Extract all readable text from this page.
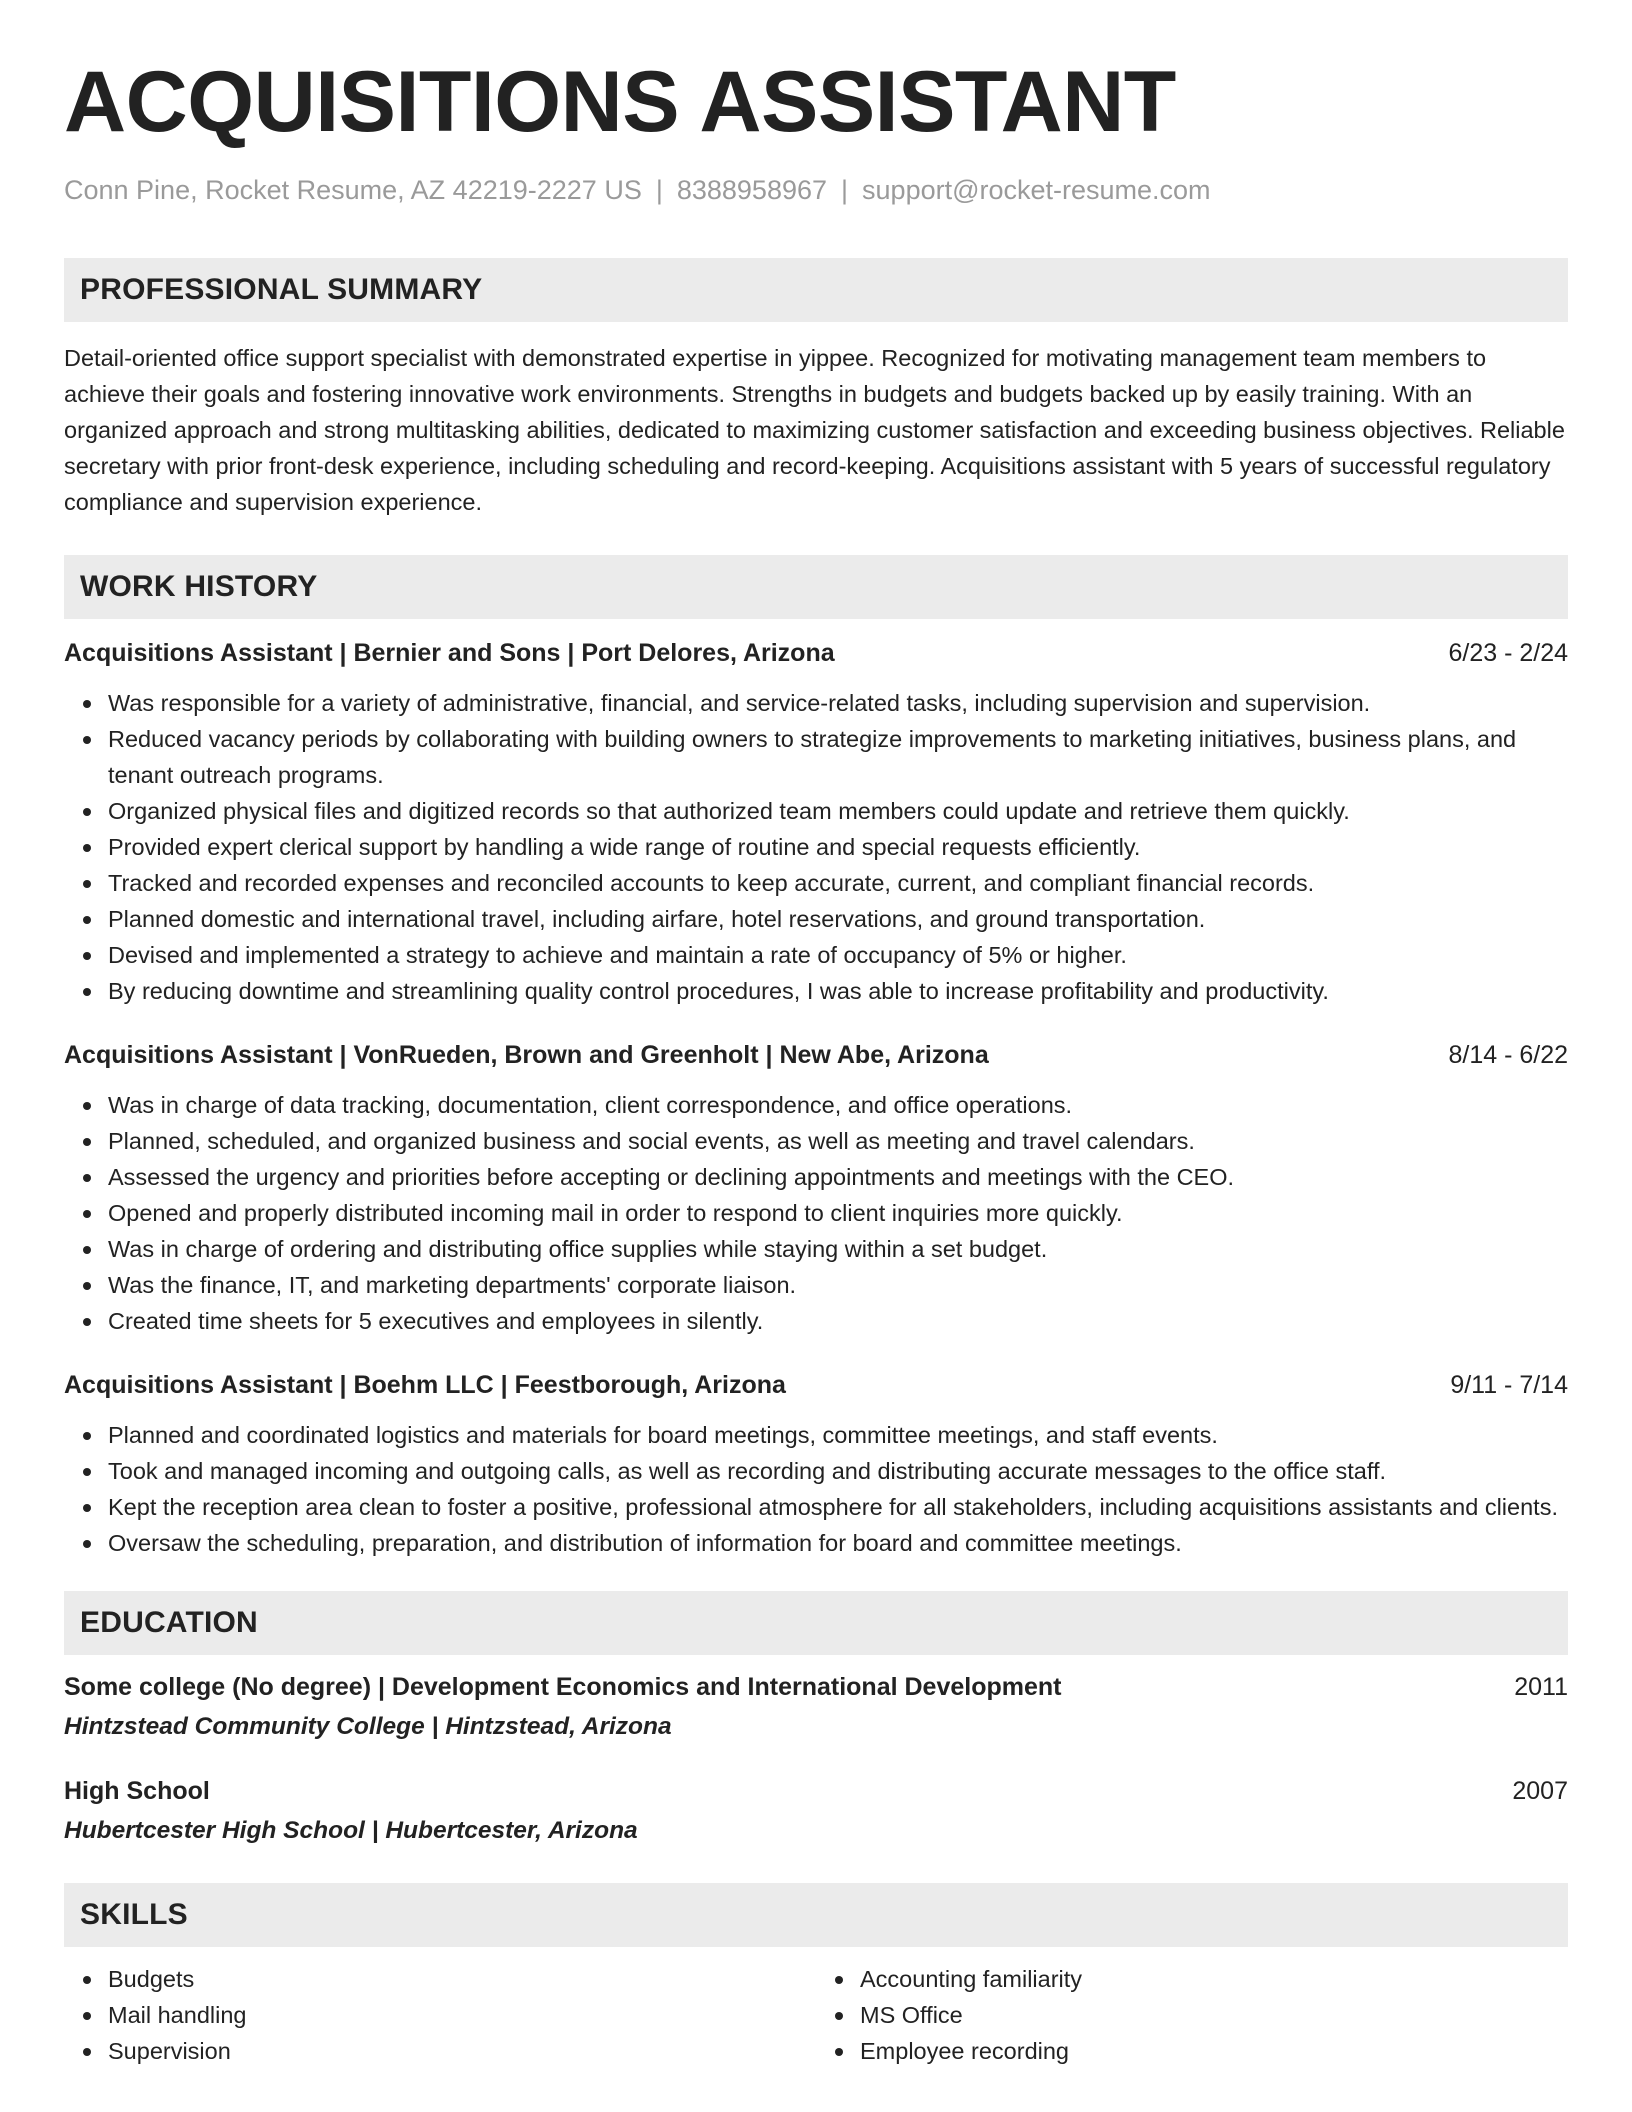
ACQUISITIONS ASSISTANT
Conn Pine, Rocket Resume, AZ 42219-2227 US | 8388958967 | support@rocket-resume.com
PROFESSIONAL SUMMARY
Detail-oriented office support specialist with demonstrated expertise in yippee. Recognized for motivating management team members to achieve their goals and fostering innovative work environments. Strengths in budgets and budgets backed up by easily training. With an organized approach and strong multitasking abilities, dedicated to maximizing customer satisfaction and exceeding business objectives. Reliable secretary with prior front-desk experience, including scheduling and record-keeping. Acquisitions assistant with 5 years of successful regulatory compliance and supervision experience.
WORK HISTORY
Acquisitions Assistant | Bernier and Sons | Port Delores, Arizona	6/23 - 2/24
Was responsible for a variety of administrative, financial, and service-related tasks, including supervision and supervision.
Reduced vacancy periods by collaborating with building owners to strategize improvements to marketing initiatives, business plans, and tenant outreach programs.
Organized physical files and digitized records so that authorized team members could update and retrieve them quickly.
Provided expert clerical support by handling a wide range of routine and special requests efficiently.
Tracked and recorded expenses and reconciled accounts to keep accurate, current, and compliant financial records.
Planned domestic and international travel, including airfare, hotel reservations, and ground transportation.
Devised and implemented a strategy to achieve and maintain a rate of occupancy of 5% or higher.
By reducing downtime and streamlining quality control procedures, I was able to increase profitability and productivity.
Acquisitions Assistant | VonRueden, Brown and Greenholt | New Abe, Arizona	8/14 - 6/22
Was in charge of data tracking, documentation, client correspondence, and office operations.
Planned, scheduled, and organized business and social events, as well as meeting and travel calendars.
Assessed the urgency and priorities before accepting or declining appointments and meetings with the CEO.
Opened and properly distributed incoming mail in order to respond to client inquiries more quickly.
Was in charge of ordering and distributing office supplies while staying within a set budget.
Was the finance, IT, and marketing departments' corporate liaison.
Created time sheets for 5 executives and employees in silently.
Acquisitions Assistant | Boehm LLC | Feestborough, Arizona	9/11 - 7/14
Planned and coordinated logistics and materials for board meetings, committee meetings, and staff events.
Took and managed incoming and outgoing calls, as well as recording and distributing accurate messages to the office staff.
Kept the reception area clean to foster a positive, professional atmosphere for all stakeholders, including acquisitions assistants and clients.
Oversaw the scheduling, preparation, and distribution of information for board and committee meetings.
EDUCATION
Some college (No degree) | Development Economics and International Development	2011
Hintzstead Community College | Hintzstead, Arizona
High School	2007
Hubertcester High School | Hubertcester, Arizona
SKILLS
Budgets
Mail handling
Supervision
Accounting familiarity
MS Office
Employee recording
